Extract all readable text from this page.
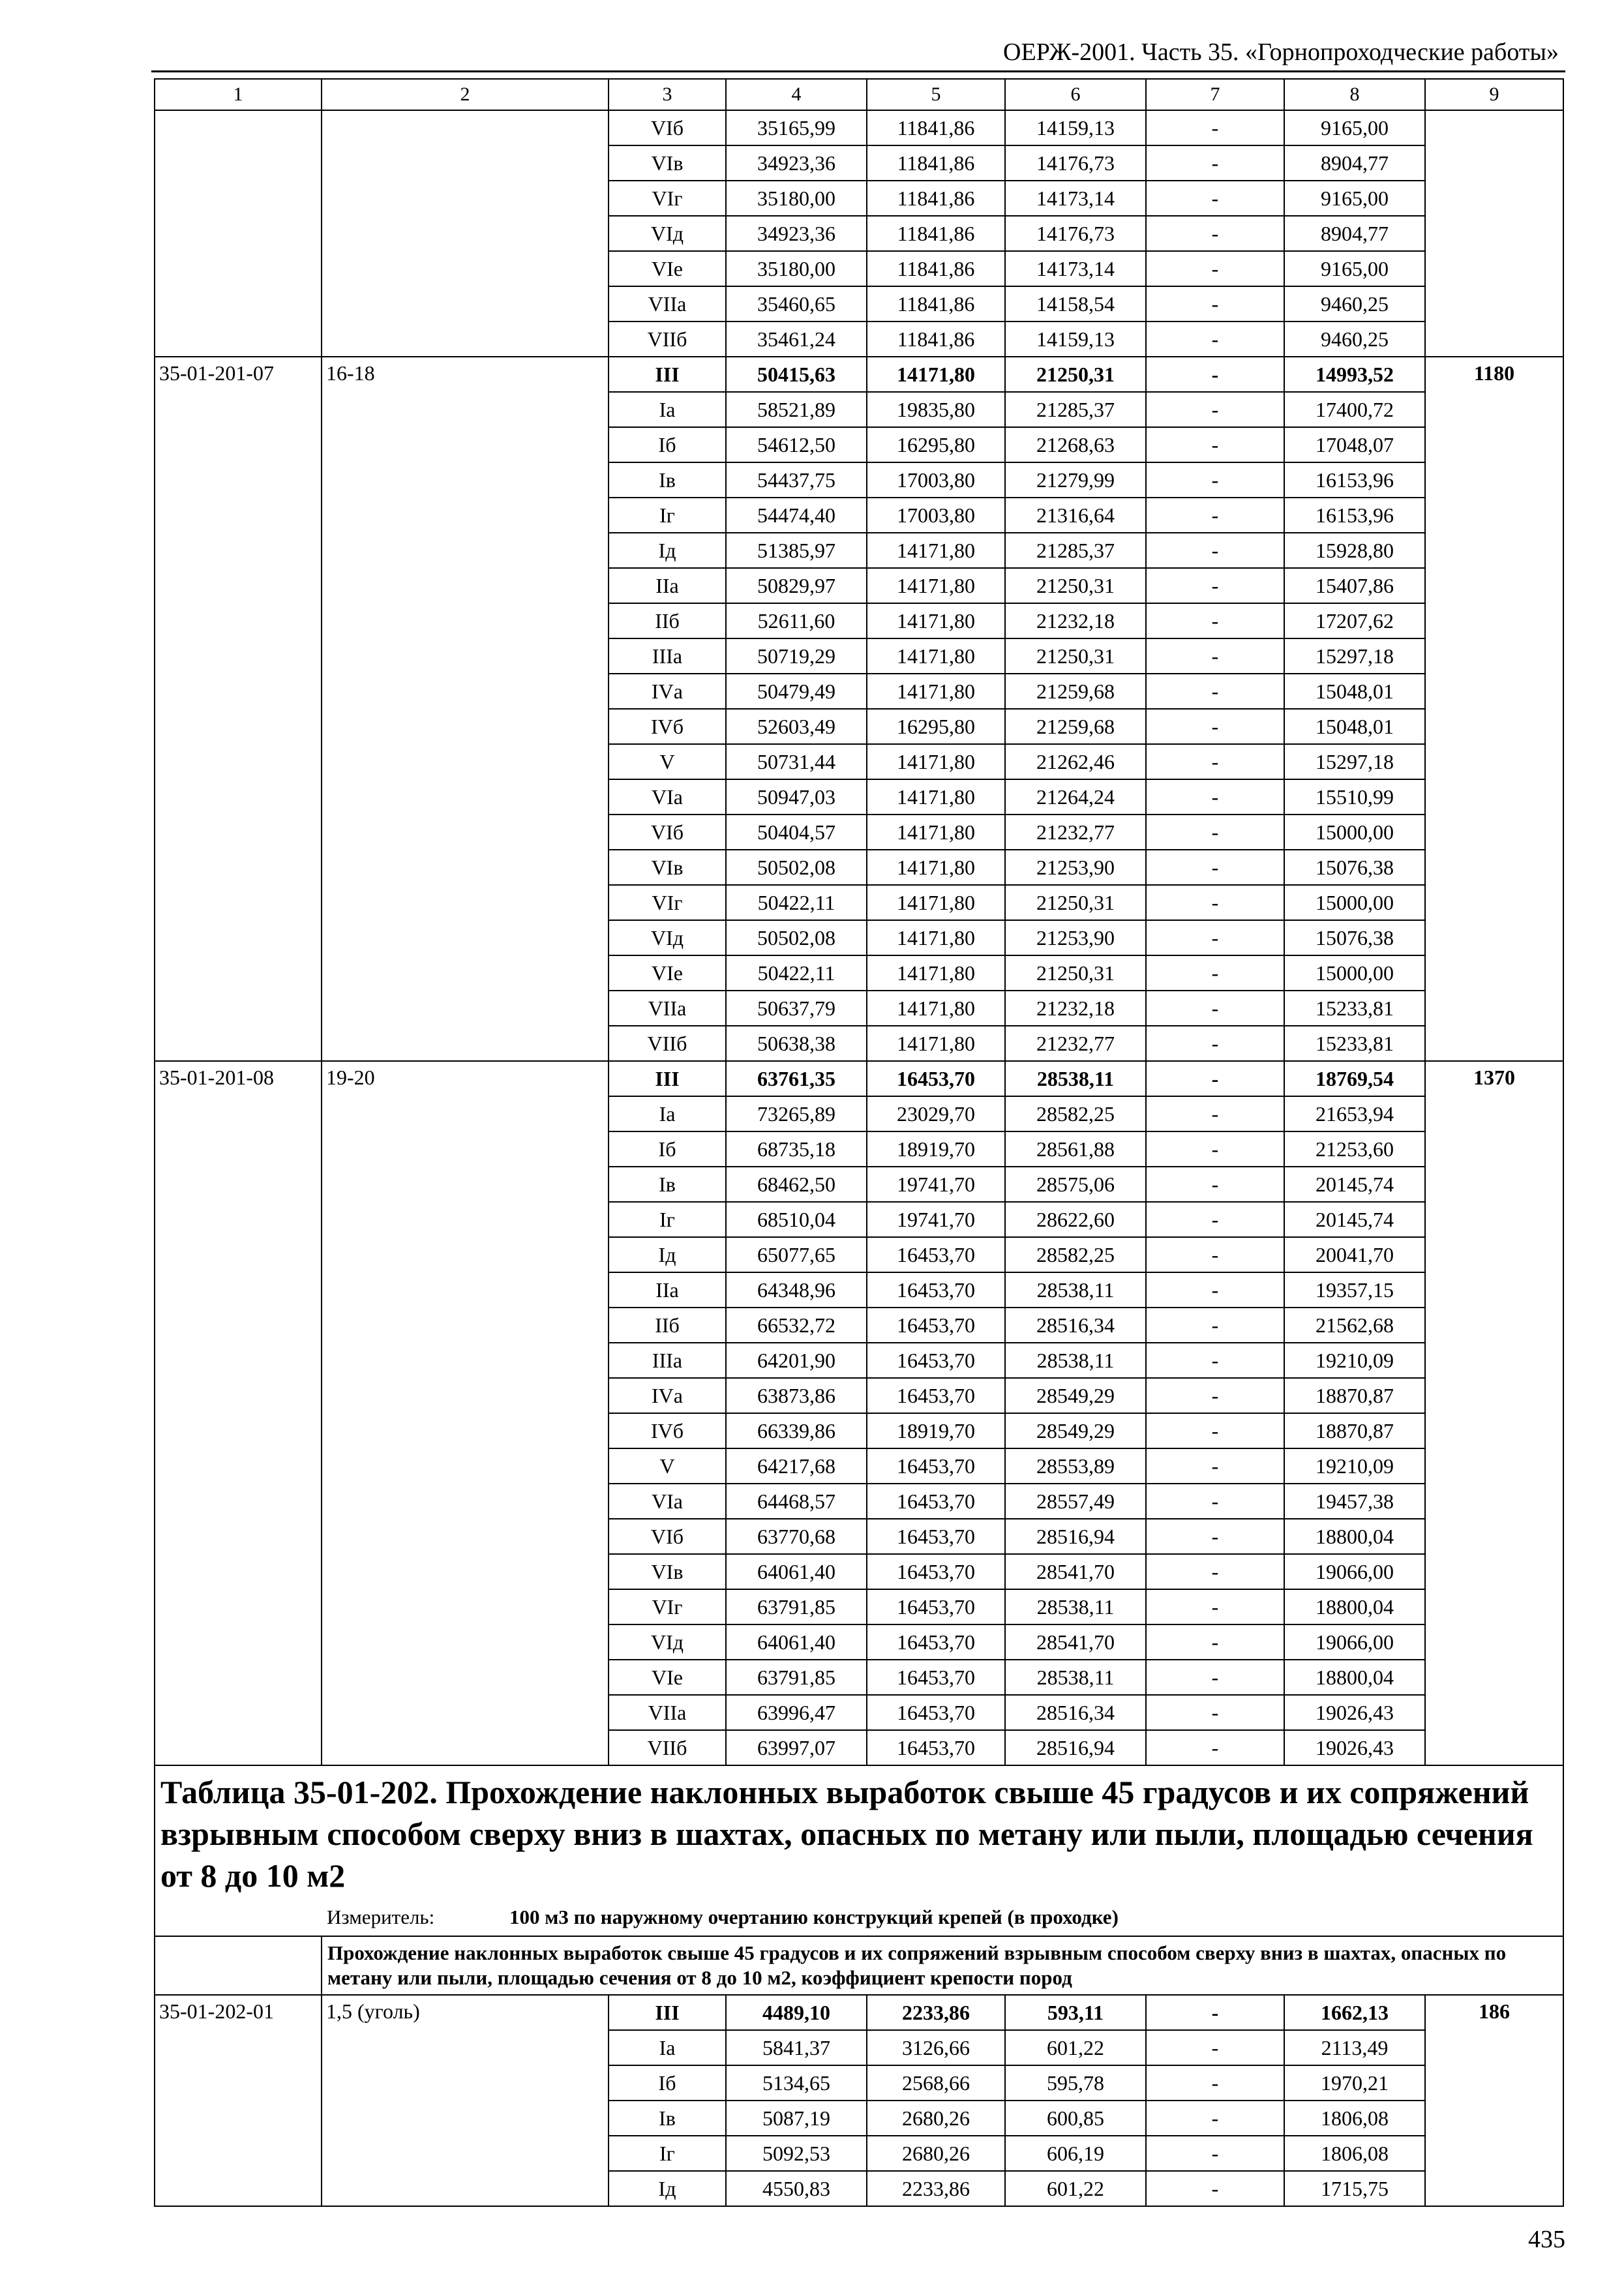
ОЕРЖ-2001. Часть 35. «Горнопроходческие работы»
1	2	3	4	5	6	7	8	9
		VIб	35165,99	11841,86	14159,13	-	9165,00	
		VIв	34923,36	11841,86	14176,73	-	8904,77	
		VIг	35180,00	11841,86	14173,14	-	9165,00	
		VIд	34923,36	11841,86	14176,73	-	8904,77	
		VIе	35180,00	11841,86	14173,14	-	9165,00	
		VIIа	35460,65	11841,86	14158,54	-	9460,25	
		VIIб	35461,24	11841,86	14159,13	-	9460,25	
35-01-201-07	16-18	III	50415,63	14171,80	21250,31	-	14993,52	1180
		Iа	58521,89	19835,80	21285,37	-	17400,72	
		Iб	54612,50	16295,80	21268,63	-	17048,07	
		Iв	54437,75	17003,80	21279,99	-	16153,96	
		Iг	54474,40	17003,80	21316,64	-	16153,96	
		Iд	51385,97	14171,80	21285,37	-	15928,80	
		IIа	50829,97	14171,80	21250,31	-	15407,86	
		IIб	52611,60	14171,80	21232,18	-	17207,62	
		IIIа	50719,29	14171,80	21250,31	-	15297,18	
		IVа	50479,49	14171,80	21259,68	-	15048,01	
		IVб	52603,49	16295,80	21259,68	-	15048,01	
		V	50731,44	14171,80	21262,46	-	15297,18	
		VIа	50947,03	14171,80	21264,24	-	15510,99	
		VIб	50404,57	14171,80	21232,77	-	15000,00	
		VIв	50502,08	14171,80	21253,90	-	15076,38	
		VIг	50422,11	14171,80	21250,31	-	15000,00	
		VIд	50502,08	14171,80	21253,90	-	15076,38	
		VIе	50422,11	14171,80	21250,31	-	15000,00	
		VIIа	50637,79	14171,80	21232,18	-	15233,81	
		VIIб	50638,38	14171,80	21232,77	-	15233,81	
35-01-201-08	19-20	III	63761,35	16453,70	28538,11	-	18769,54	1370
		Iа	73265,89	23029,70	28582,25	-	21653,94	
		Iб	68735,18	18919,70	28561,88	-	21253,60	
		Iв	68462,50	19741,70	28575,06	-	20145,74	
		Iг	68510,04	19741,70	28622,60	-	20145,74	
		Iд	65077,65	16453,70	28582,25	-	20041,70	
		IIа	64348,96	16453,70	28538,11	-	19357,15	
		IIб	66532,72	16453,70	28516,34	-	21562,68	
		IIIа	64201,90	16453,70	28538,11	-	19210,09	
		IVа	63873,86	16453,70	28549,29	-	18870,87	
		IVб	66339,86	18919,70	28549,29	-	18870,87	
		V	64217,68	16453,70	28553,89	-	19210,09	
		VIа	64468,57	16453,70	28557,49	-	19457,38	
		VIб	63770,68	16453,70	28516,94	-	18800,04	
		VIв	64061,40	16453,70	28541,70	-	19066,00	
		VIг	63791,85	16453,70	28538,11	-	18800,04	
		VIд	64061,40	16453,70	28541,70	-	19066,00	
		VIе	63791,85	16453,70	28538,11	-	18800,04	
		VIIа	63996,47	16453,70	28516,34	-	19026,43	
		VIIб	63997,07	16453,70	28516,94	-	19026,43	
Таблица 35-01-202. Прохождение наклонных выработок свыше 45 градусов и их сопряжений взрывным способом сверху вниз в шахтах, опасных по метану или пыли, площадью сечения от 8 до 10 м2								
	Измеритель: 100 м3 по наружному очертанию конструкций крепей (в проходке)							
	Прохождение наклонных выработок свыше 45 градусов и их сопряжений взрывным способом сверху вниз в шахтах, опасных по метану или пыли, площадью сечения от 8 до 10 м2, коэффициент крепости пород							
35-01-202-01	1,5 (уголь)	III	4489,10	2233,86	593,11	-	1662,13	186
		Iа	5841,37	3126,66	601,22	-	2113,49	
		Iб	5134,65	2568,66	595,78	-	1970,21	
		Iв	5087,19	2680,26	600,85	-	1806,08	
		Iг	5092,53	2680,26	606,19	-	1806,08	
		Iд	4550,83	2233,86	601,22	-	1715,75	
435
